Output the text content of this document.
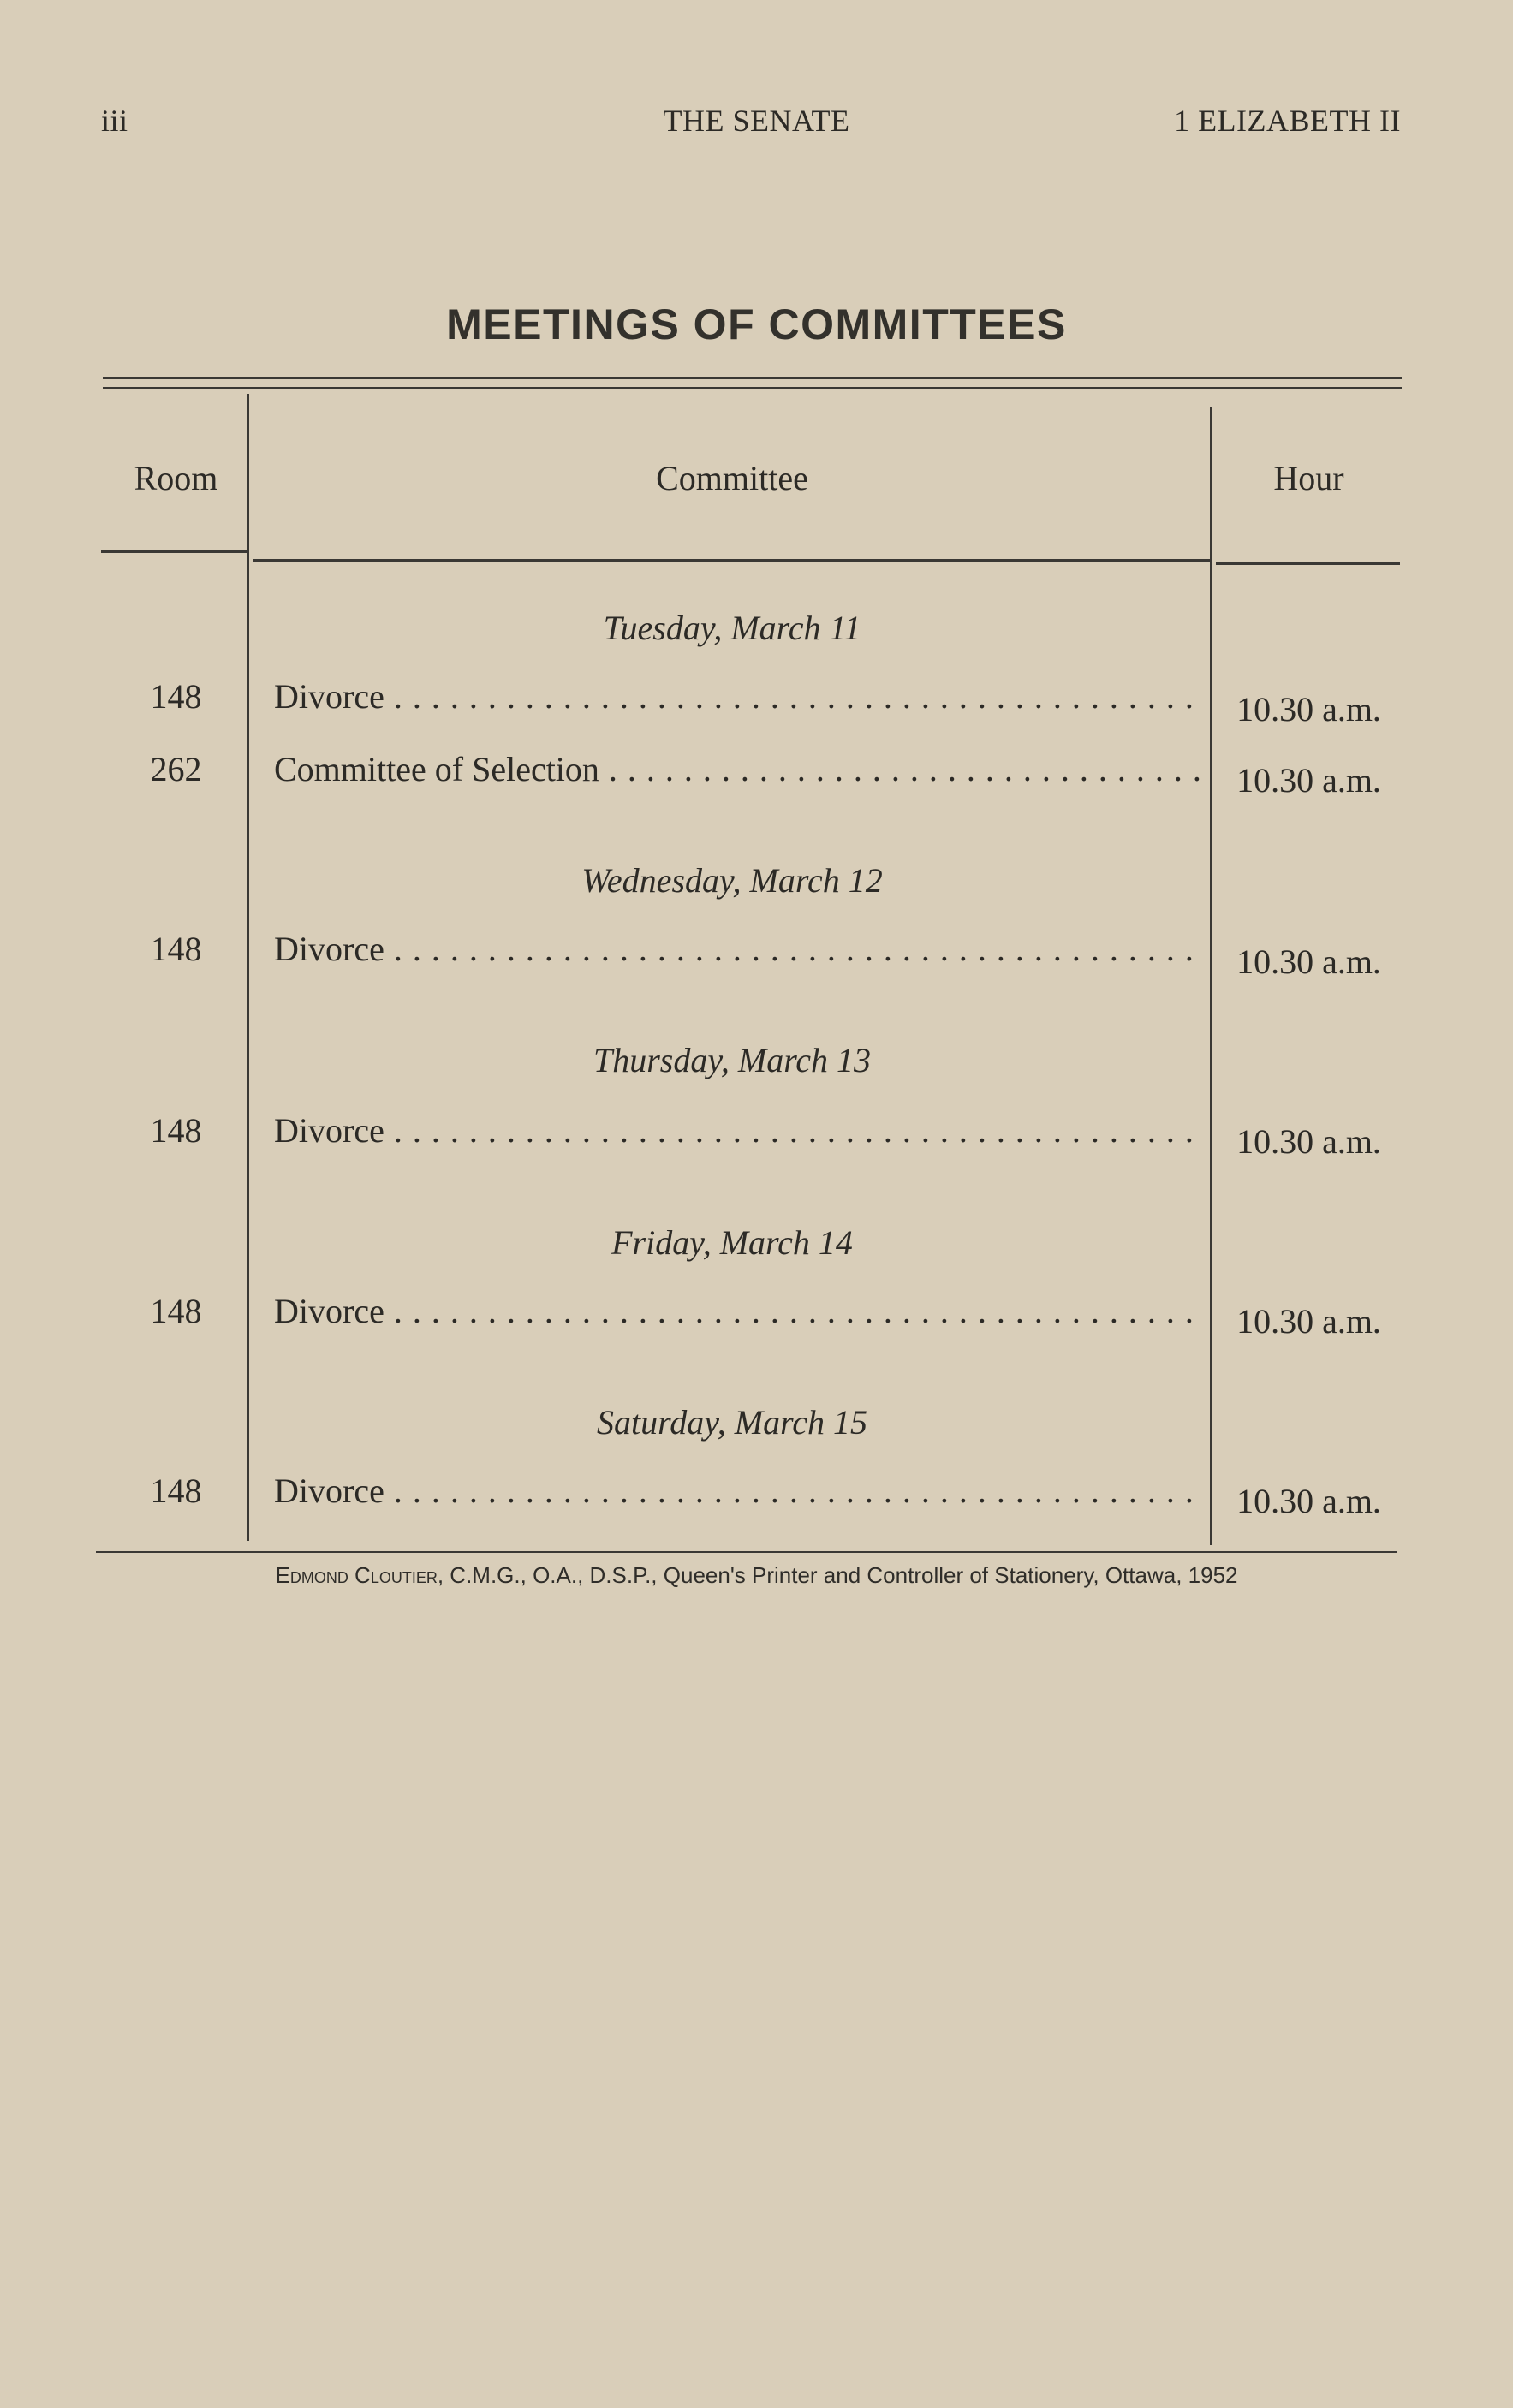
iii	THE SENATE	1 ELIZABETH II
MEETINGS OF COMMITTEES
Room	Committee	Hour
Tuesday, March 11
148	Divorce . . .	10.30 a.m.
262	Committee of Selection . . .	10.30 a.m.
Wednesday, March 12
148	Divorce . . .	10.30 a.m.
Thursday, March 13
148	Divorce . . .	10.30 a.m.
Friday, March 14
148	Divorce . . .	10.30 a.m.
Saturday, March 15
148	Divorce . . .	10.30 a.m.
Edmond Cloutier, C.M.G., O.A., D.S.P., Queen's Printer and Controller of Stationery, Ottawa, 1952
